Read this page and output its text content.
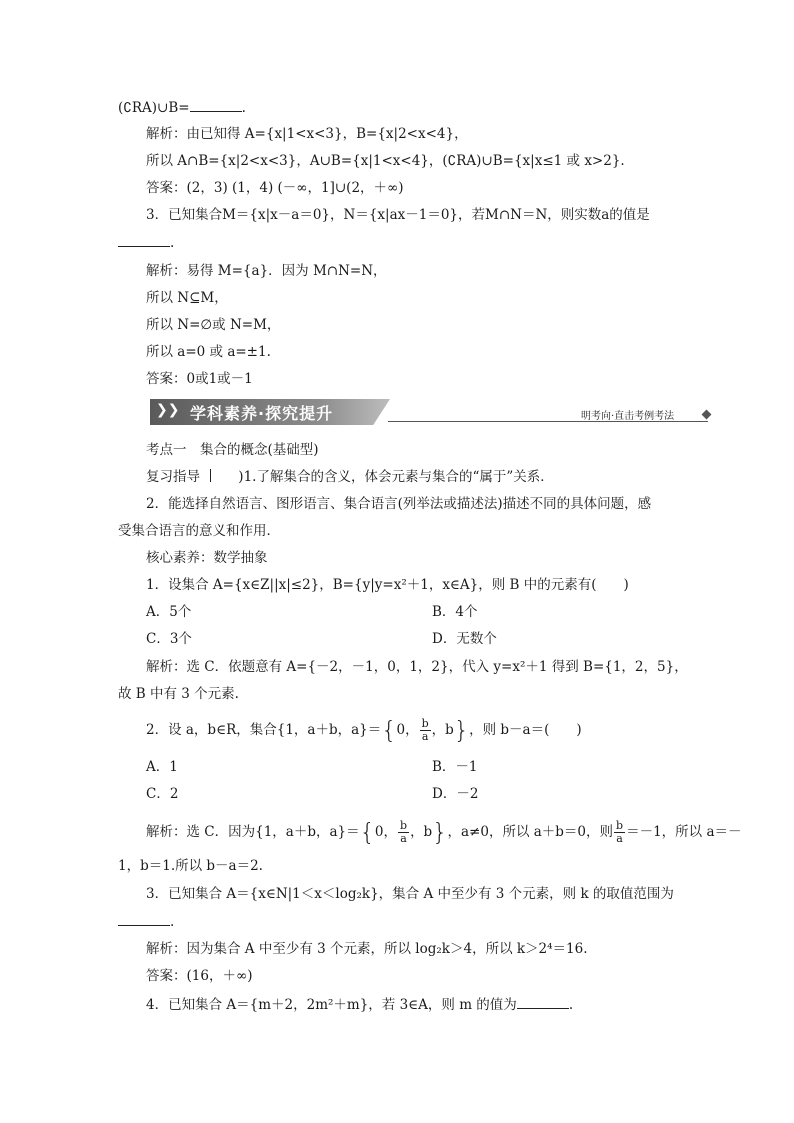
(∁RA)∪B=	.
解析：由已知得 A={x|1<x<3}，B={x|2<x<4}，
所以 A∩B={x|2<x<3}，A∪B={x|1<x<4}，(∁RA)∪B={x|x≤1 或 x>2}.
答案：(2，3) (1，4) (－∞，1]∪(2，＋∞)
3．已知集合M＝{x|x－a＝0}，N＝{x|ax－1＝0}，若M∩N＝N，则实数a的值是
.
解析：易得 M={a}．因为 M∩N=N，
所以 N⊆M，
所以 N=∅或 N=M，
所以 a=0 或 a=±1.
答案：0或1或－1
❯❯ 学科素养·探究提升	明考向·直击考例考法
考点一　集合的概念(基础型)
复习指导	)1.了解集合的含义，体会元素与集合的“属于”关系．
2．能选择自然语言、图形语言、集合语言(列举法或描述法)描述不同的具体问题，感
受集合语言的意义和作用．
核心素养：数学抽象
1．设集合 A={x∈Z||x|≤2}，B={y|y=x²＋1，x∈A}，则 B 中的元素有(　　)
A．5个	B．4个
C．3个	D．无数个
解析：选 C．依题意有 A={－2，－1，0，1，2}，代入 y=x²＋1 得到 B={1，2，5}，
故 B 中有 3 个元素.
2．设 a，b∈R，集合{1，a＋b，a}＝{0， $\frac{b}{a}$ ，b}，则 b－a＝(　　)
A．1	B．－1
C．2	D．－2
解析：选 C．因为{1，a＋b，a}＝{0， $\frac{b}{a}$ ，b}，a≠0，所以 a＋b＝0，则 $\frac{b}{a} =-1$，所以 a＝－
1，b＝1.所以 b－a＝2.
3．已知集合 A＝{x∈N|1＜x＜log₂k}，集合 A 中至少有 3 个元素，则 k 的取值范围为
.
解析：因为集合 A 中至少有 3 个元素，所以 log₂k＞4，所以 k＞2⁴＝16.
答案：(16，＋∞)
4．已知集合 A＝{m＋2，2m²＋m}，若 3∈A，则 m 的值为	.
